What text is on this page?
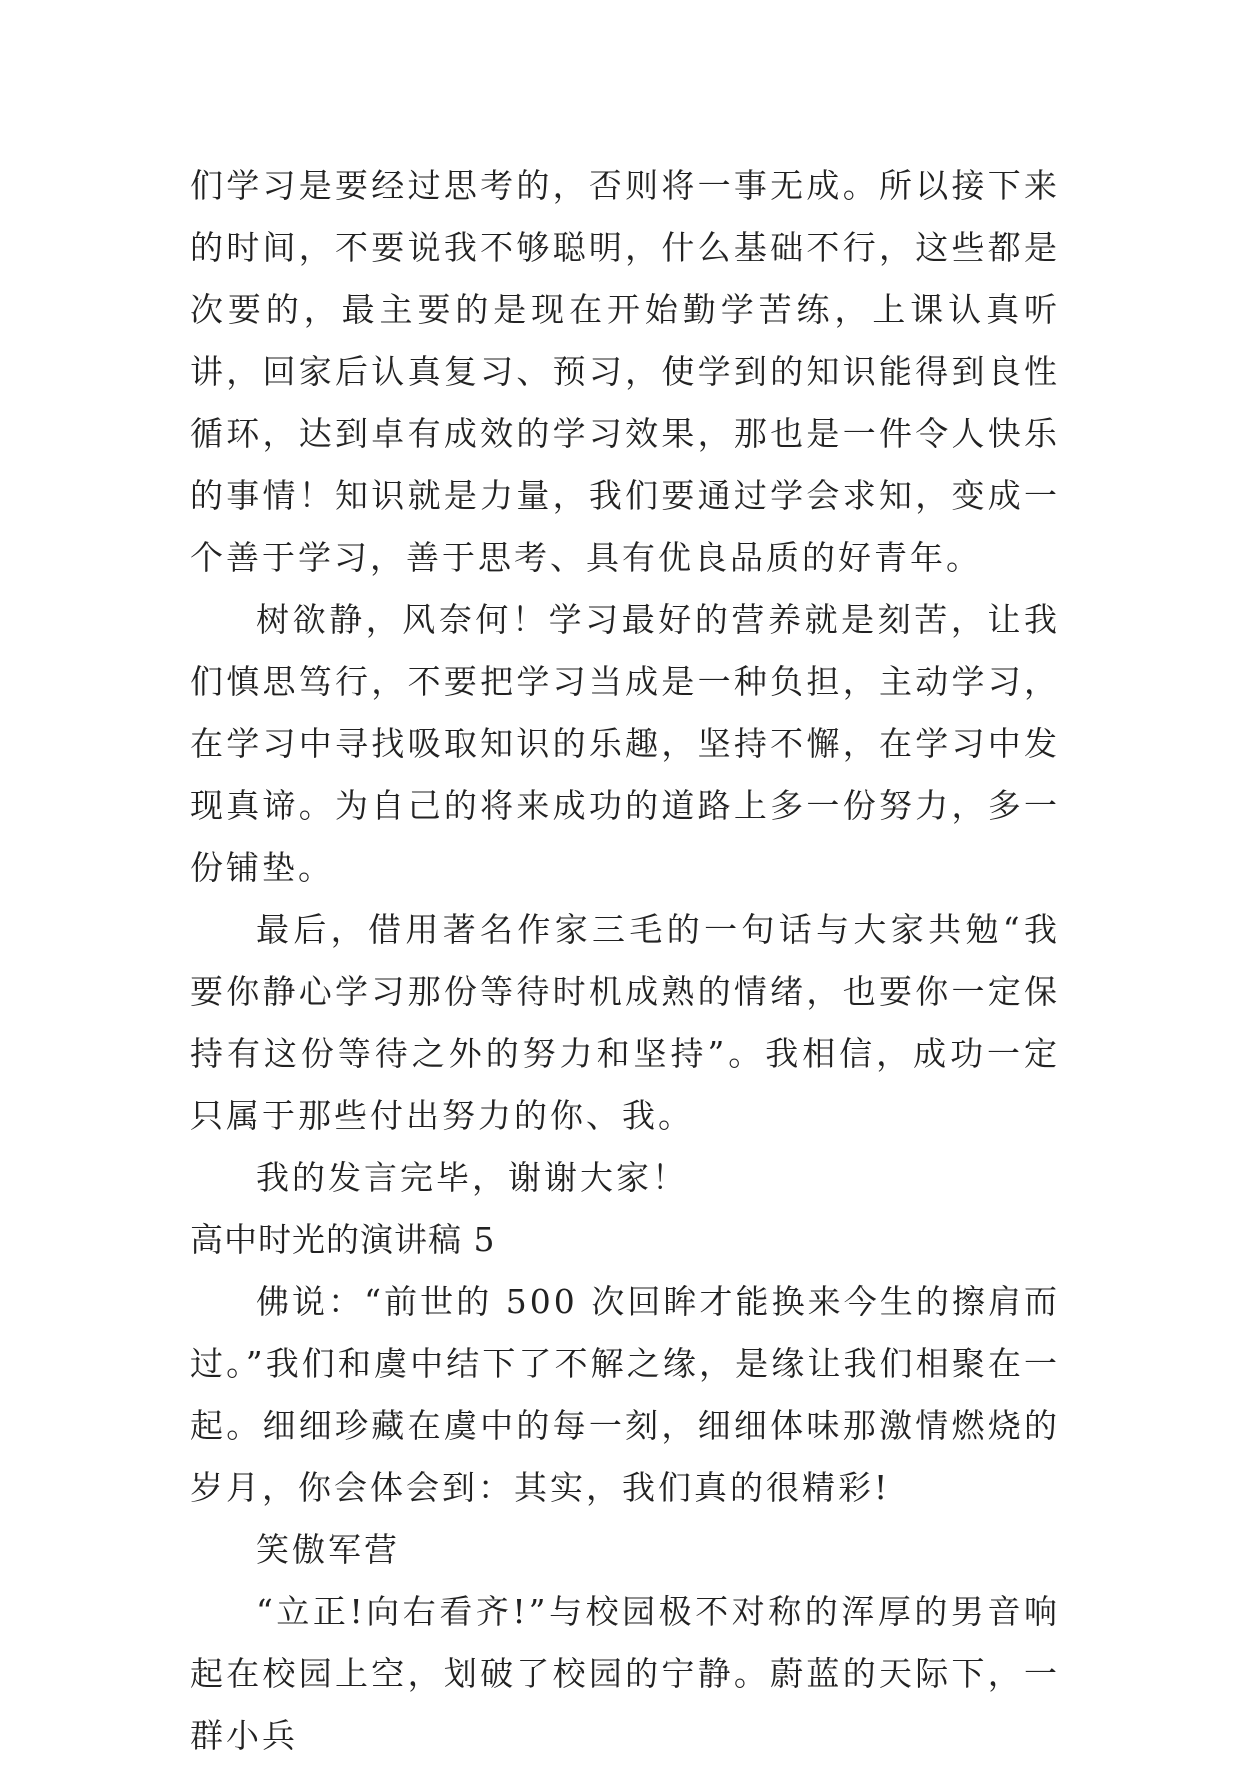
们学习是要经过思考的，否则将一事无成。所以接下来的时间，不要说我不够聪明，什么基础不行，这些都是次要的，最主要的是现在开始勤学苦练，上课认真听讲，回家后认真复习、预习，使学到的知识能得到良性循环，达到卓有成效的学习效果，那也是一件令人快乐的事情！知识就是力量，我们要通过学会求知，变成一个善于学习，善于思考、具有优良品质的好青年。

树欲静，风奈何！学习最好的营养就是刻苦，让我们慎思笃行，不要把学习当成是一种负担，主动学习，在学习中寻找吸取知识的乐趣，坚持不懈，在学习中发现真谛。为自己的将来成功的道路上多一份努力，多一份铺垫。

最后，借用著名作家三毛的一句话与大家共勉“我要你静心学习那份等待时机成熟的情绪，也要你一定保持有这份等待之外的努力和坚持”。我相信，成功一定只属于那些付出努力的你、我。

我的发言完毕，谢谢大家！

高中时光的演讲稿 5

佛说：“前世的 500 次回眸才能换来今生的擦肩而过。”我们和虞中结下了不解之缘，是缘让我们相聚在一起。细细珍藏在虞中的每一刻，细细体味那激情燃烧的岁月，你会体会到：其实，我们真的很精彩!

笑傲军营

“立正!向右看齐!”与校园极不对称的浑厚的男音响起在校园上空，划破了校园的宁静。蔚蓝的天际下，一群小兵
